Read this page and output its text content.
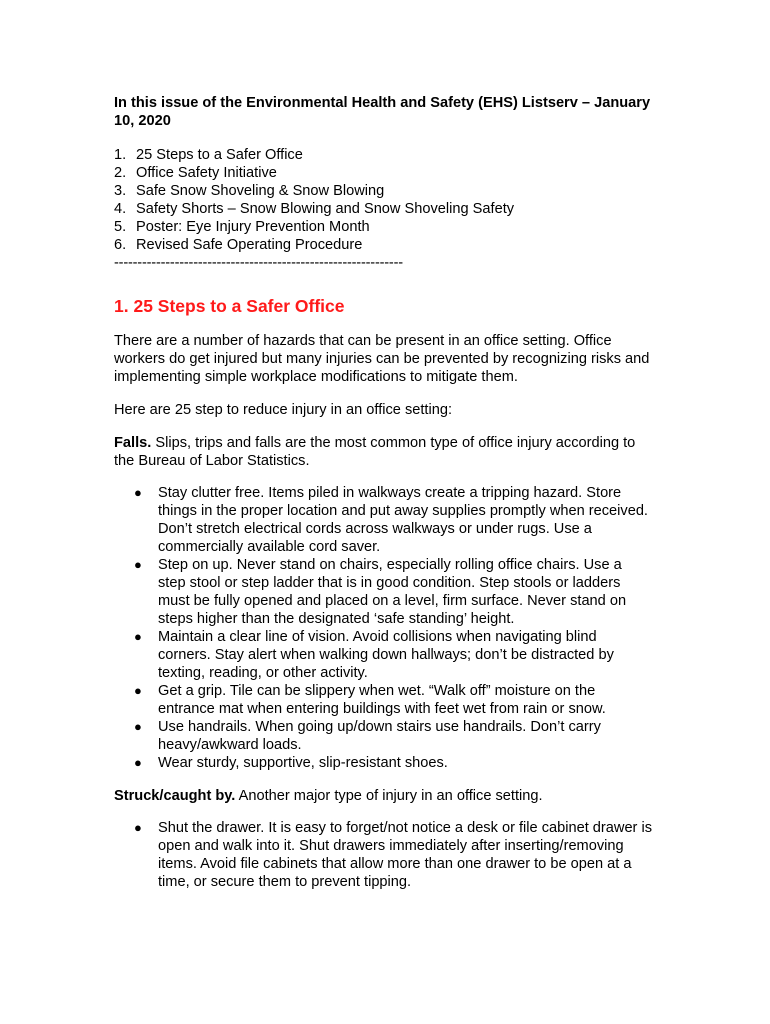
In this issue of the Environmental Health and Safety (EHS) Listserv – January 10, 2020

1. 25 Steps to a Safer Office
2. Office Safety Initiative
3. Safe Snow Shoveling & Snow Blowing
4. Safety Shorts – Snow Blowing and Snow Shoveling Safety
5. Poster: Eye Injury Prevention Month
6. Revised Safe Operating Procedure

--------------------------------------------------------------

1. 25 Steps to a Safer Office

There are a number of hazards that can be present in an office setting. Office workers do get injured but many injuries can be prevented by recognizing risks and implementing simple workplace modifications to mitigate them.

Here are 25 step to reduce injury in an office setting:

Falls. Slips, trips and falls are the most common type of office injury according to the Bureau of Labor Statistics.

●	Stay clutter free. Items piled in walkways create a tripping hazard. Store things in the proper location and put away supplies promptly when received. Don’t stretch electrical cords across walkways or under rugs. Use a commercially available cord saver.
●	Step on up. Never stand on chairs, especially rolling office chairs. Use a step stool or step ladder that is in good condition. Step stools or ladders must be fully opened and placed on a level, firm surface. Never stand on steps higher than the designated ‘safe standing’ height.
●	Maintain a clear line of vision. Avoid collisions when navigating blind corners. Stay alert when walking down hallways; don’t be distracted by texting, reading, or other activity.
●	Get a grip. Tile can be slippery when wet. “Walk off” moisture on the entrance mat when entering buildings with feet wet from rain or snow.
●	Use handrails. When going up/down stairs use handrails. Don’t carry heavy/awkward loads.
●	Wear sturdy, supportive, slip-resistant shoes.

Struck/caught by. Another major type of injury in an office setting.

●	Shut the drawer. It is easy to forget/not notice a desk or file cabinet drawer is open and walk into it. Shut drawers immediately after inserting/removing items. Avoid file cabinets that allow more than one drawer to be open at a time, or secure them to prevent tipping.
